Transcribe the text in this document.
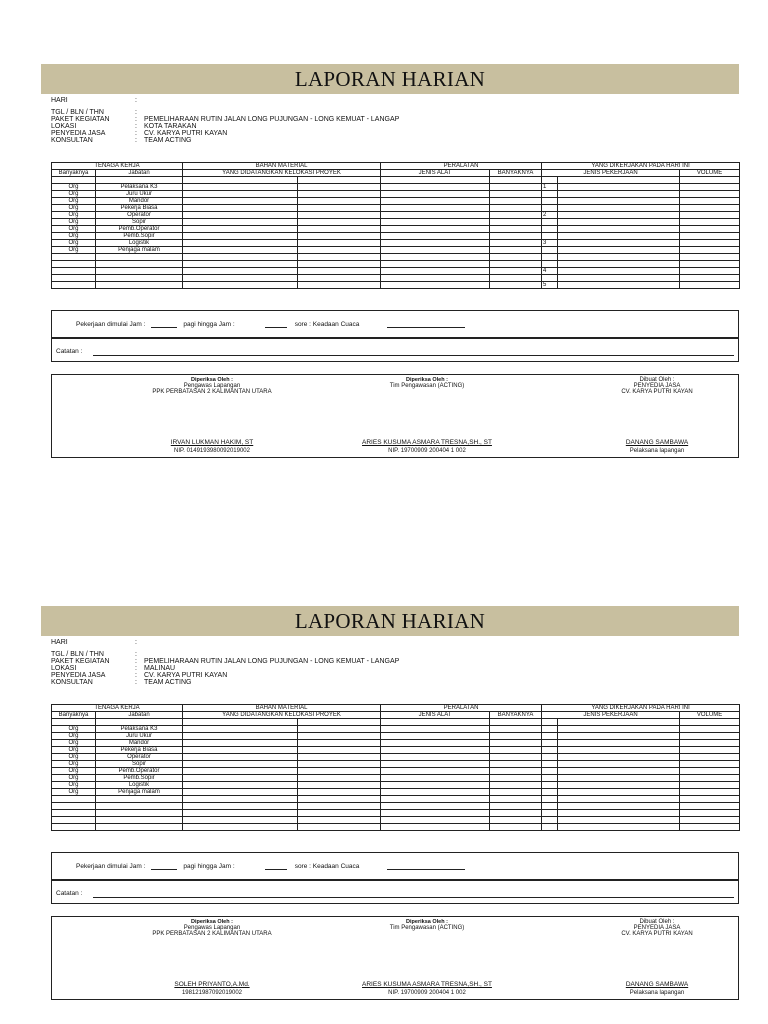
LAPORAN HARIAN
HARI	:
TGL / BLN / THN	:
PAKET KEGIATAN	: PEMELIHARAAN RUTIN JALAN LONG PUJUNGAN - LONG KEMUAT - LANGAP
LOKASI	: KOTA TARAKAN
PENYEDIA JASA	: CV. KARYA PUTRI KAYAN
KONSULTAN	: TEAM ACTING
TENAGA KERJA		BAHAN MATERIAL		PERALATAN		YANG DIKERJAKAN PADA HARI INI		
Banyaknya	Jabatan	YANG DIDATANGKAN KELOKASI PROYEK		JENIS ALAT	BANYAKNYA	JENIS PEKERJAAN		VOLUME

Org	Pelaksana K3					1		
Org	Juru Ukur							
Org	Mandor							
Org	Pekerja Biasa							
Org	Operator					2		
Org	Sopir							
Org	Pemb.Operator							
Org	Pemb.Sopir							
Org	Logistik					3		
Org	Penjaga malam							

						4		

						5		
Pekerjaan dimulai Jam :	pagi hingga Jam :	sore : Keadaan Cuaca
Catatan :
Diperiksa Oleh :
Pengawas Lapangan
PPK PERBATASAN 2 KALIMANTAN UTARA
IRVAN LUKMAN HAKIM, ST
NIP. 0149193980092019002
Diperiksa Oleh :
Tim Pengawasan (ACTING)
ARIES KUSUMA ASMARA TRESNA,SH., ST
NIP. 19700909 200404 1 002
Dibuat Oleh :
PENYEDIA JASA
CV. KARYA PUTRI KAYAN
DANANG SAMBAWA
Pelaksana lapangan
LAPORAN HARIAN
HARI	:
TGL / BLN / THN	:
PAKET KEGIATAN	: PEMELIHARAAN RUTIN JALAN LONG PUJUNGAN - LONG KEMUAT - LANGAP
LOKASI	: MALINAU
PENYEDIA JASA	: CV. KARYA PUTRI KAYAN
KONSULTAN	: TEAM ACTING
TENAGA KERJA		BAHAN MATERIAL		PERALATAN		YANG DIKERJAKAN PADA HARI INI		
Banyaknya	Jabatan	YANG DIDATANGKAN KELOKASI PROYEK		JENIS ALAT	BANYAKNYA	JENIS PEKERJAAN		VOLUME

Org	Pelaksana K3							
Org	Juru Ukur							
Org	Mandor							
Org	Pekerja Biasa							
Org	Operator							
Org	Sopir							
Org	Pemb.Operator							
Org	Pemb.Sopir							
Org	Logistik							
Org	Penjaga malam							

Pekerjaan dimulai Jam :	pagi hingga Jam :	sore : Keadaan Cuaca
Catatan :
Diperiksa Oleh :
Pengawas Lapangan
PPK PERBATASAN 2 KALIMANTAN UTARA
SOLEH PRIYANTO,A.Md.
198121987092019002
Diperiksa Oleh :
Tim Pengawasan (ACTING)
ARIES KUSUMA ASMARA TRESNA,SH., ST
NIP. 19700909 200404 1 002
Dibuat Oleh :
PENYEDIA JASA
CV. KARYA PUTRI KAYAN
DANANG SAMBAWA
Pelaksana lapangan
